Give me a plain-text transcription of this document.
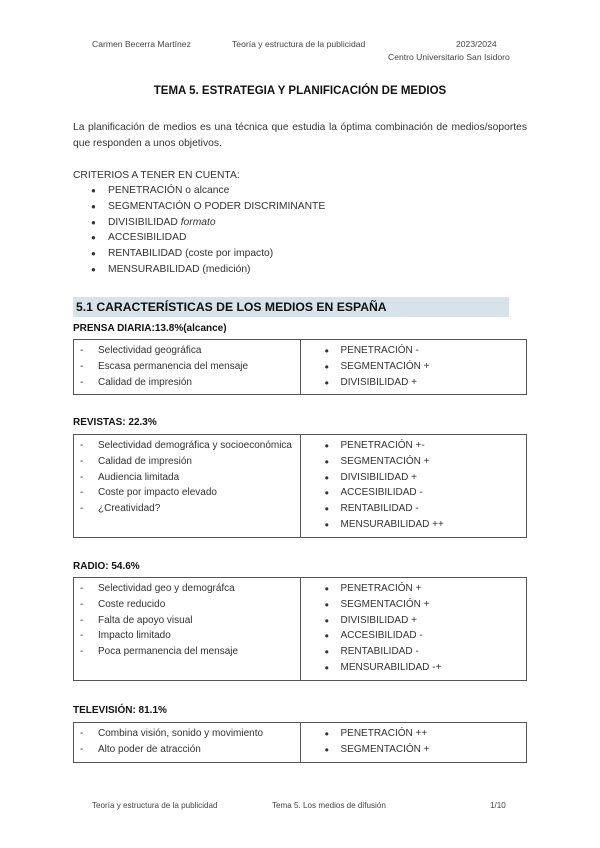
Carmen Becerra Martínez	Teoría y estructura de la publicidad	2023/2024
Centro Universitario San Isidoro
TEMA 5. ESTRATEGIA Y PLANIFICACIÓN DE MEDIOS

La planificación de medios es una técnica que estudia la óptima combinación de medios/soportes que responden a unos objetivos.

CRITERIOS A TENER EN CUENTA:
● PENETRACIÓN o alcance
● SEGMENTACIÓN O PODER DISCRIMINANTE
● DIVISIBILIDAD formato
● ACCESIBILIDAD
● RENTABILIDAD (coste por impacto)
● MENSURABILIDAD (medición)
5.1 CARACTERÍSTICAS DE LOS MEDIOS EN ESPAÑA
PRENSA DIARIA:13.8%(alcance)
- Selectividad geográfica
- Escasa permanencia del mensaje
- Calidad de impresión

● PENETRACIÓN -
● SEGMENTACIÓN +
● DIVISIBILIDAD +
REVISTAS: 22.3%
- Selectividad demográfica y socioeconómica
- Calidad de impresión
- Audiencia limitada
- Coste por impacto elevado
- ¿Creatividad?

● PENETRACIÓN +-
● SEGMENTACIÓN +
● DIVISIBILIDAD +
● ACCESIBILIDAD -
● RENTABILIDAD -
● MENSURABILIDAD ++
RADIO: 54.6%
- Selectividad geo y demográfca
- Coste reducido
- Falta de apoyo visual
- Impacto limitado
- Poca permanencia del mensaje

● PENETRACIÓN +
● SEGMENTACIÓN +
● DIVISIBILIDAD +
● ACCESIBILIDAD -
● RENTABILIDAD -
● MENSURABILIDAD -+
TELEVISIÓN: 81.1%
- Combina visión, sonido y movimiento
- Alto poder de atracción

● PENETRACIÓN ++
● SEGMENTACIÓN +
Teoría y estructura de la publicidad	Tema 5. Los medios de difusión	1/10
